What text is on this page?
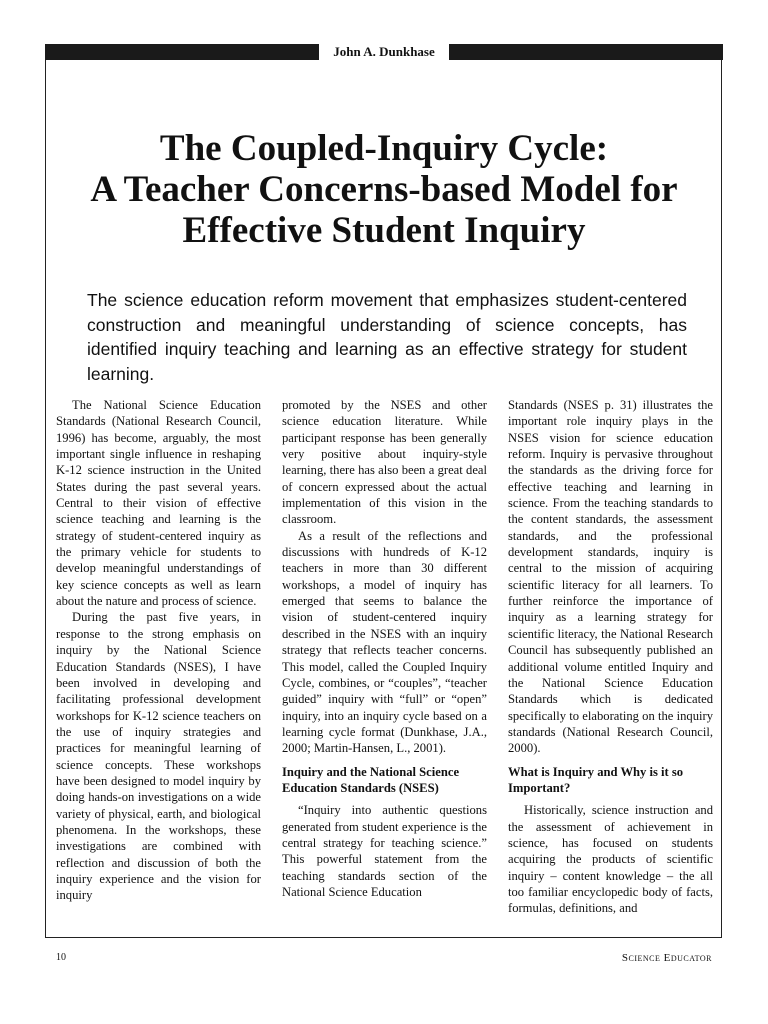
John A. Dunkhase
The Coupled-Inquiry Cycle:
A Teacher Concerns-based Model for
Effective Student Inquiry

The science education reform movement that emphasizes student-centered construction and meaningful understanding of science concepts, has identified inquiry teaching and learning as an effective strategy for student learning.

The National Science Education Standards (National Research Council, 1996) has become, arguably, the most important single influence in reshaping K-12 science instruction in the United States during the past several years. Central to their vision of effective science teaching and learning is the strategy of student-centered inquiry as the primary vehicle for students to develop meaningful understandings of key science concepts as well as learn about the nature and process of science.

During the past five years, in response to the strong emphasis on inquiry by the National Science Education Standards (NSES), I have been involved in developing and facilitating professional development workshops for K-12 science teachers on the use of inquiry strategies and practices for meaningful learning of science concepts. These workshops have been designed to model inquiry by doing hands-on investigations on a wide variety of physical, earth, and biological phenomena. In the workshops, these investigations are combined with reflection and discussion of both the inquiry experience and the vision for inquiry

promoted by the NSES and other science education literature. While participant response has been generally very positive about inquiry-style learning, there has also been a great deal of concern expressed about the actual implementation of this vision in the classroom.

As a result of the reflections and discussions with hundreds of K-12 teachers in more than 30 different workshops, a model of inquiry has emerged that seems to balance the vision of student-centered inquiry described in the NSES with an inquiry strategy that reflects teacher concerns. This model, called the Coupled Inquiry Cycle, combines, or “couples”, “teacher guided” inquiry with “full” or “open” inquiry, into an inquiry cycle based on a learning cycle format (Dunkhase, J.A., 2000; Martin-Hansen, L., 2001).

Inquiry and the National Science Education Standards (NSES)

“Inquiry into authentic questions generated from student experience is the central strategy for teaching science.” This powerful statement from the teaching standards section of the National Science Education

Standards (NSES p. 31) illustrates the important role inquiry plays in the NSES vision for science education reform. Inquiry is pervasive throughout the standards as the driving force for effective teaching and learning in science. From the teaching standards to the content standards, the assessment standards, and the professional development standards, inquiry is central to the mission of acquiring scientific literacy for all learners. To further reinforce the importance of inquiry as a learning strategy for scientific literacy, the National Research Council has subsequently published an additional volume entitled Inquiry and the National Science Education Standards which is dedicated specifically to elaborating on the inquiry standards (National Research Council, 2000).

What is Inquiry and Why is it so Important?

Historically, science instruction and the assessment of achievement in science, has focused on students acquiring the products of scientific inquiry – content knowledge – the all too familiar encyclopedic body of facts, formulas, definitions, and

10	Science Educator
